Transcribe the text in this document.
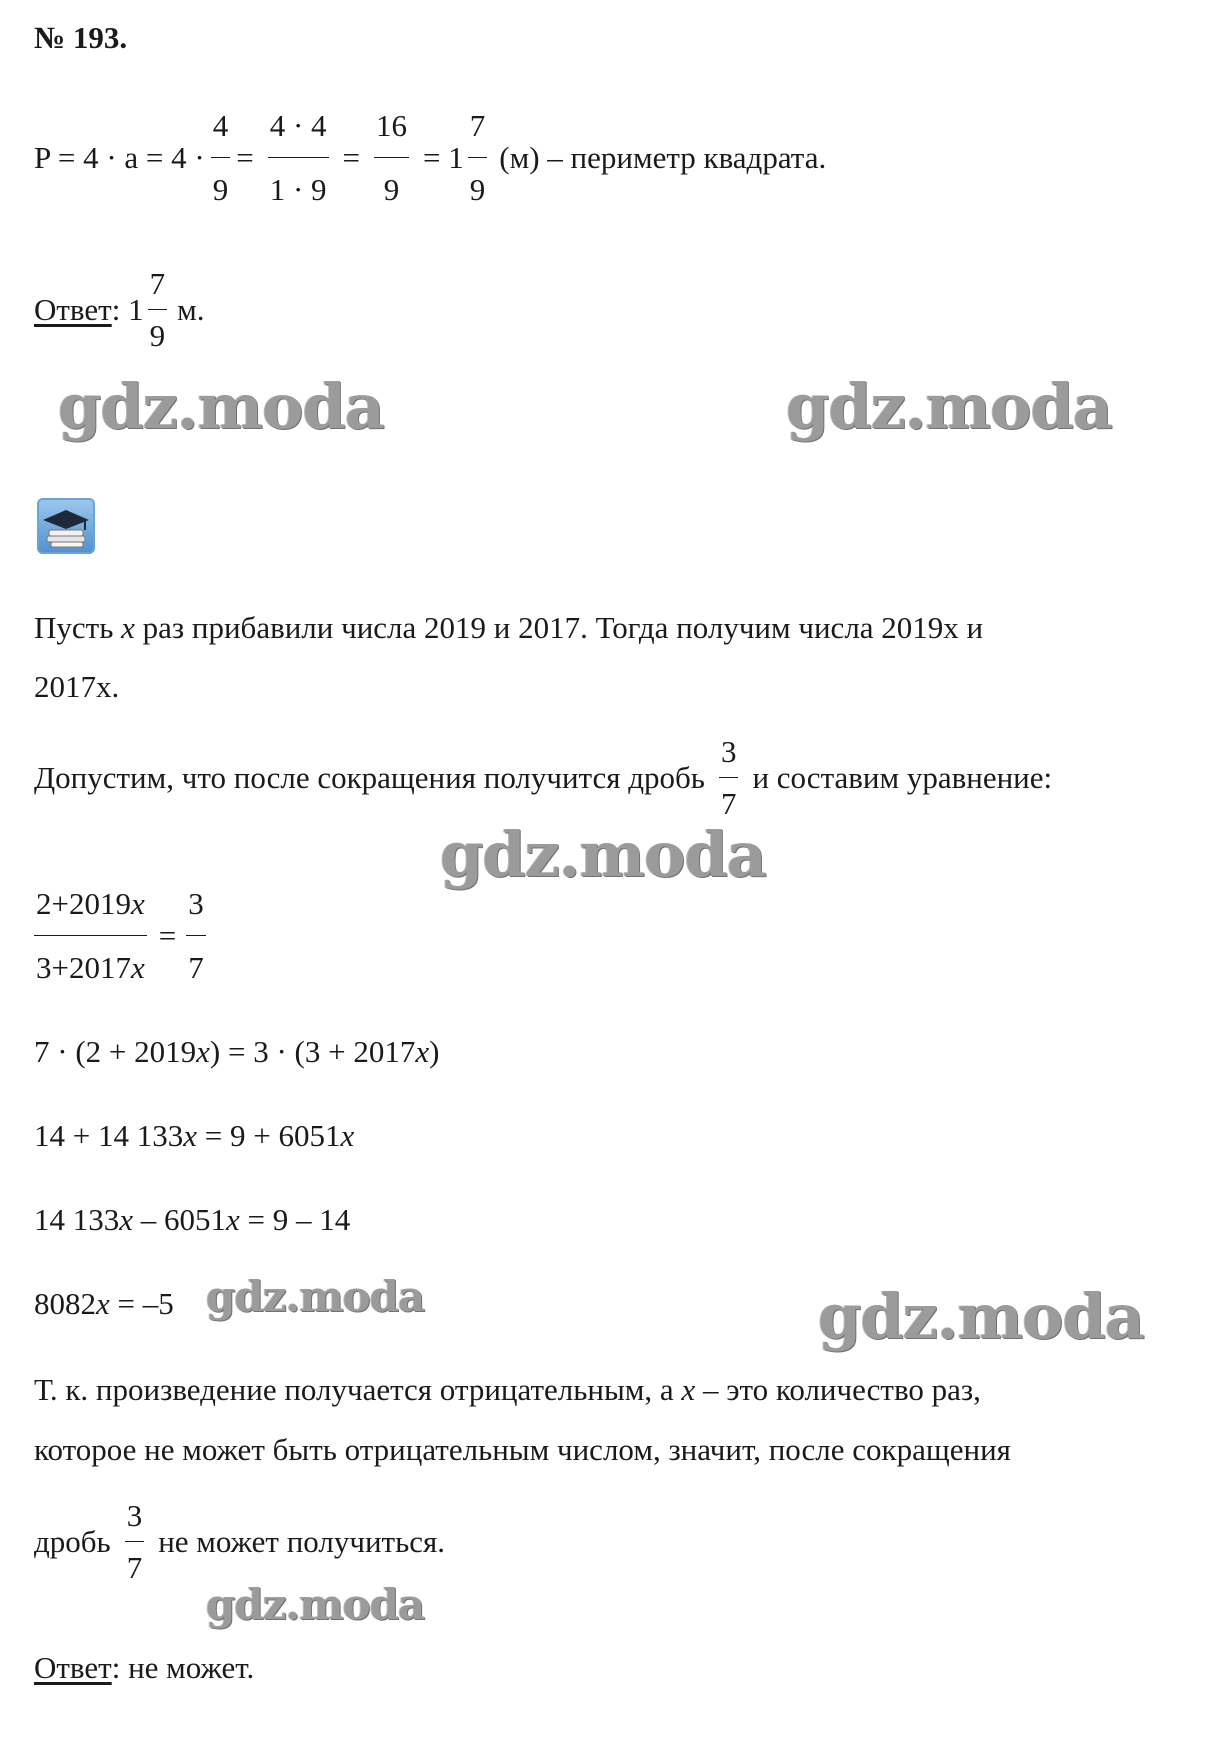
№ 193.
$P = 4 \cdot a = 4 \cdot \frac{4}{9} = \frac{4 \cdot 4}{1 \cdot 9} = \frac{16}{9} = 1 \frac{7}{9} (м)$ – периметр квадрата.
Ответ : $1 \frac{7}{9} м$.
gdz.moda	gdz.moda
Пусть x раз прибавили числа 2019 и 2017. Тогда получим числа 2019x и
2017x.
Допустим, что после сокращения получится дробь $\frac{3}{7}$ и составим уравнение:
gdz.moda
$\frac{2+2019x}{3+2017x} = \frac{3}{7}$
7 · (2 + 2019x) = 3 · (3 + 2017x)
14 + 14 133x = 9 + 6051x
14 133x – 6051x = 9 – 14
8082x = –5 gdz.moda	gdz.moda
Т. к. произведение получается отрицательным, а x – это количество раз,
которое не может быть отрицательным числом, значит, после сокращения
дробь $\frac{3}{7}$ не может получиться.
gdz.moda
Ответ: не может.
